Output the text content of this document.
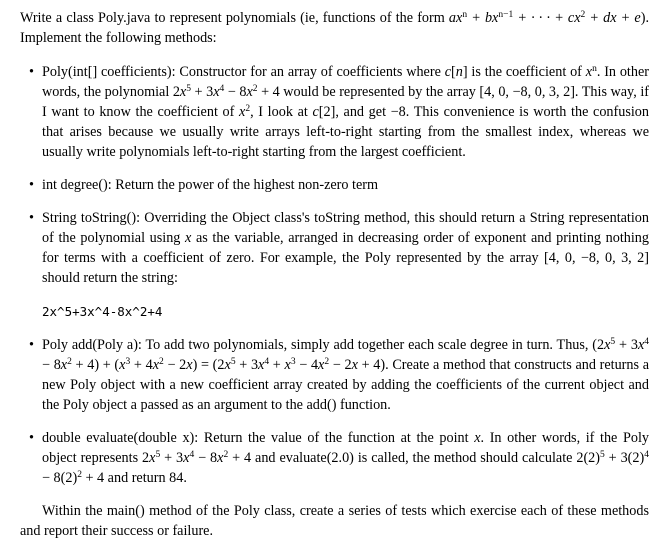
Write a class Poly.java to represent polynomials (ie, functions of the form $ax^n + bx^{n-1}$ + · · · + $cx^2$ + dx + e). Implement the following methods:

• Poly(int[] coefficients): Constructor for an array of coefficients where c[n] is the coefficient of $x^n$. In other words, the polynomial $2x^5 + 3x^4 - 8x^2 + 4$ would be represented by the array [4, 0, −8, 0, 3, 2]. This way, if I want to know the coefficient of $x^2$, I look at c[2], and get −8. This convenience is worth the confusion that arises because we usually write arrays left-to-right starting from the smallest index, whereas we usually write polynomials left-to-right starting from the largest coefficient.
• int degree(): Return the power of the highest non-zero term
• String toString(): Overriding the Object class's toString method, this should return a String representation of the polynomial using x as the variable, arranged in decreasing order of exponent and printing nothing for terms with a coefficient of zero. For example, the Poly represented by the array [4, 0, −8, 0, 3, 2] should return the string:
2x^5+3x^4-8x^2+4
• Poly add(Poly a): To add two polynomials, simply add together each scale degree in turn. Thus, $(2x^5 + 3x^4 - 8x^2 + 4) + (x^3 + 4x^2 - 2x) = (2x^5 + 3x^4 + x^3 - 4x^2 - 2x + 4)$. Create a method that constructs and returns a new Poly object with a new coefficient array created by adding the coefficients of the current object and the Poly object a passed as an argument to the add() function.
• double evaluate(double x): Return the value of the function at the point x. In other words, if the Poly object represents $2x^5 + 3x^4 - 8x^2 + 4$ and evaluate(2.0) is called, the method should calculate $2(2)^5 + 3(2)^4 - 8(2)^2 + 4$ and return 84.

Within the main() method of the Poly class, create a series of tests which exercise each of these methods and report their success or failure.
